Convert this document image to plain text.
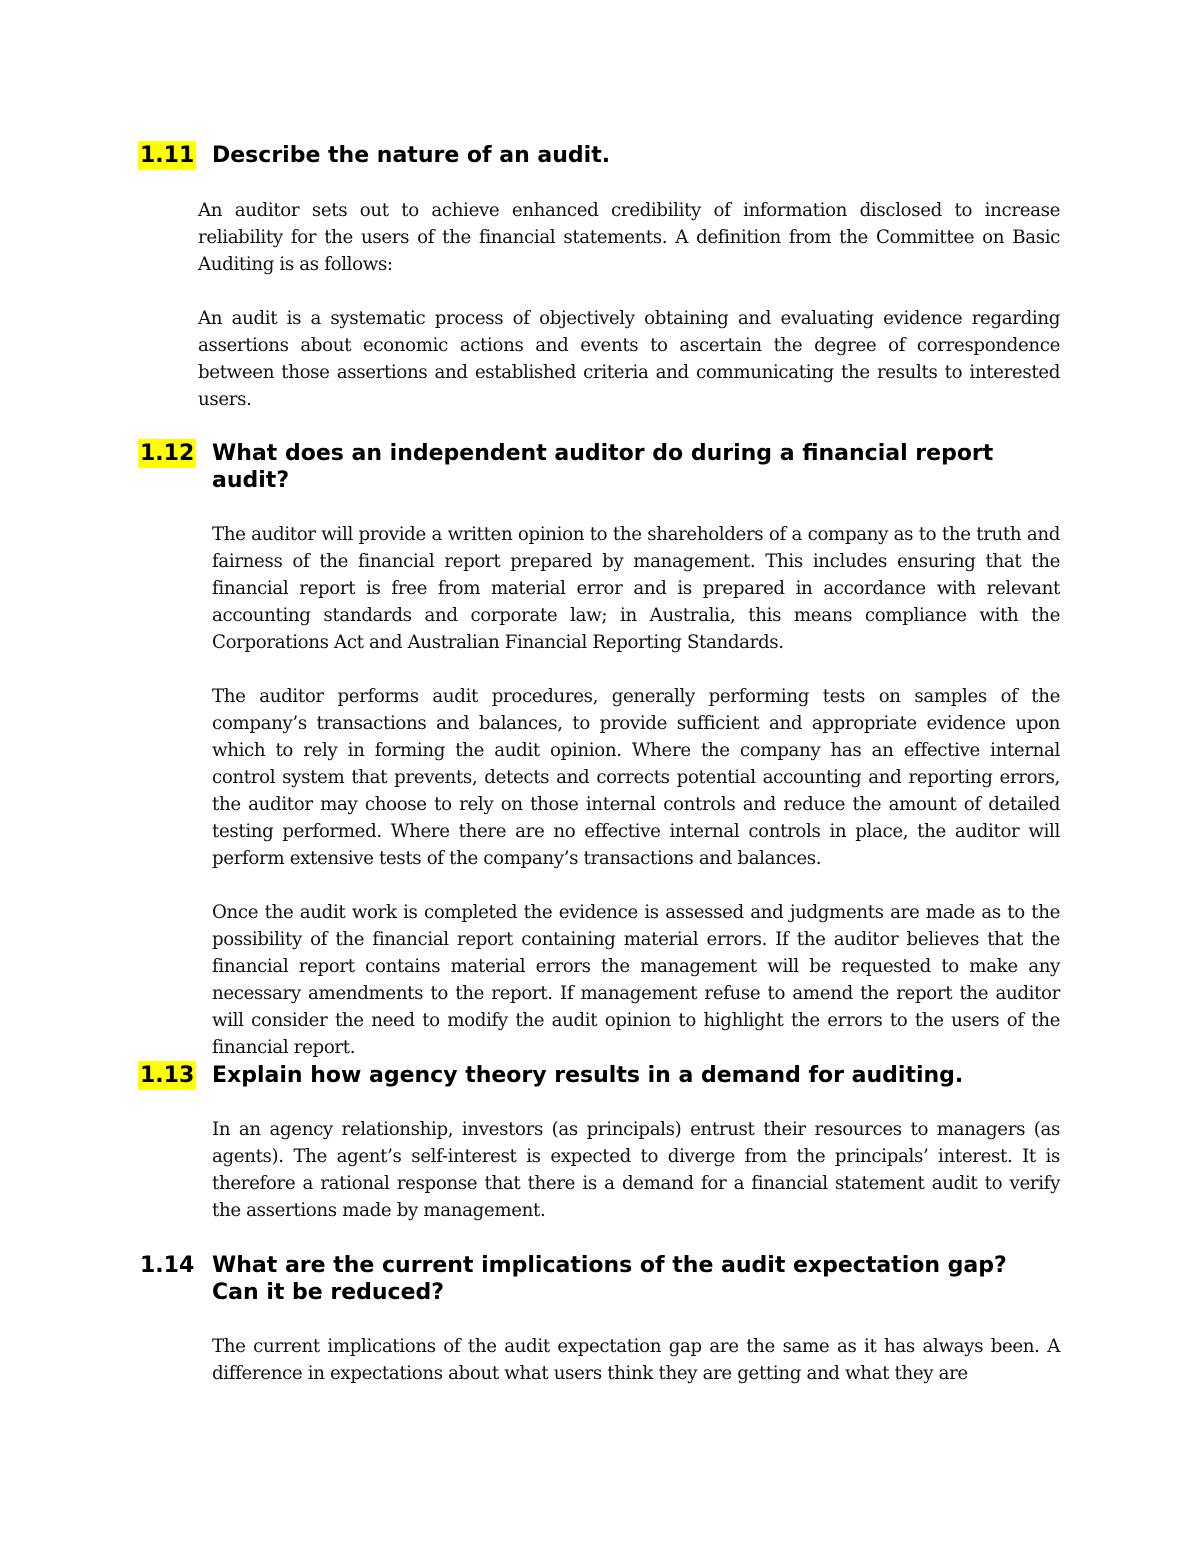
1.11 Describe the nature of an audit.

An auditor sets out to achieve enhanced credibility of information disclosed to increase reliability for the users of the financial statements. A definition from the Committee on Basic Auditing is as follows:

An audit is a systematic process of objectively obtaining and evaluating evidence regarding assertions about economic actions and events to ascertain the degree of correspondence between those assertions and established criteria and communicating the results to interested users.

1.12 What does an independent auditor do during a financial report audit?

The auditor will provide a written opinion to the shareholders of a company as to the truth and fairness of the financial report prepared by management. This includes ensuring that the financial report is free from material error and is prepared in accordance with relevant accounting standards and corporate law; in Australia, this means compliance with the Corporations Act and Australian Financial Reporting Standards.

The auditor performs audit procedures, generally performing tests on samples of the company’s transactions and balances, to provide sufficient and appropriate evidence upon which to rely in forming the audit opinion. Where the company has an effective internal control system that prevents, detects and corrects potential accounting and reporting errors, the auditor may choose to rely on those internal controls and reduce the amount of detailed testing performed. Where there are no effective internal controls in place, the auditor will perform extensive tests of the company’s transactions and balances.

Once the audit work is completed the evidence is assessed and judgments are made as to the possibility of the financial report containing material errors. If the auditor believes that the financial report contains material errors the management will be requested to make any necessary amendments to the report. If management refuse to amend the report the auditor will consider the need to modify the audit opinion to highlight the errors to the users of the financial report.

1.13 Explain how agency theory results in a demand for auditing.

In an agency relationship, investors (as principals) entrust their resources to managers (as agents). The agent’s self-interest is expected to diverge from the principals’ interest. It is therefore a rational response that there is a demand for a financial statement audit to verify the assertions made by management.

1.14 What are the current implications of the audit expectation gap? Can it be reduced?

The current implications of the audit expectation gap are the same as it has always been. A difference in expectations about what users think they are getting and what they are
